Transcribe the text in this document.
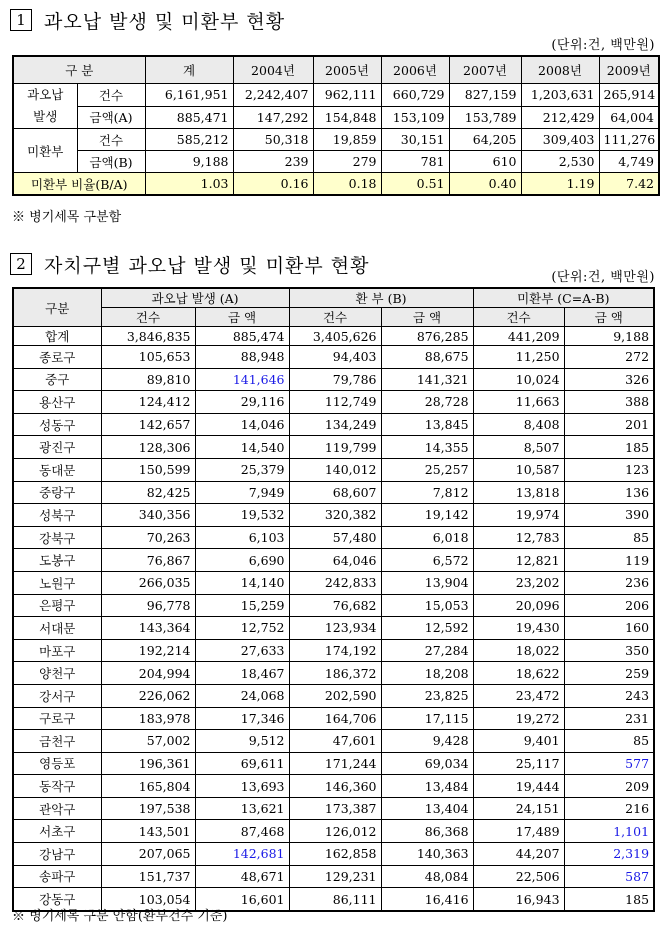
1 과오납 발생 및 미환부 현황
(단위:건, 백만원)
구 분		계	2004년	2005년	2006년	2007년	2008년	2009년

과오납
발생	건수	6,161,951	2,242,407	962,111	660,729	827,159	1,203,631	265,914
	금액(A)	885,471	147,292	154,848	153,109	153,789	212,429	64,004
미환부	건수	585,212	50,318	19,859	30,151	64,205	309,403	111,276
	금액(B)	9,188	239	279	781	610	2,530	4,749
미환부 비율(B/A)		1.03	0.16	0.18	0.51	0.40	1.19	7.42
※ 병기세목 구분함
2 자치구별 과오납 발생 및 미환부 현황
(단위:건, 백만원)
구분	과오납 발생 (A)		환 부 (B)		미환부 (C=A-B)	
	건수	금 액	건수	금 액	건수	금 액
합계	3,846,835	885,474	3,405,626	876,285	441,209	9,188
종로구	105,653	88,948	94,403	88,675	11,250	272
중구	89,810	141,646	79,786	141,321	10,024	326
용산구	124,412	29,116	112,749	28,728	11,663	388
성동구	142,657	14,046	134,249	13,845	8,408	201
광진구	128,306	14,540	119,799	14,355	8,507	185
동대문	150,599	25,379	140,012	25,257	10,587	123
중랑구	82,425	7,949	68,607	7,812	13,818	136
성북구	340,356	19,532	320,382	19,142	19,974	390
강북구	70,263	6,103	57,480	6,018	12,783	85
도봉구	76,867	6,690	64,046	6,572	12,821	119
노원구	266,035	14,140	242,833	13,904	23,202	236
은평구	96,778	15,259	76,682	15,053	20,096	206
서대문	143,364	12,752	123,934	12,592	19,430	160
마포구	192,214	27,633	174,192	27,284	18,022	350
양천구	204,994	18,467	186,372	18,208	18,622	259
강서구	226,062	24,068	202,590	23,825	23,472	243
구로구	183,978	17,346	164,706	17,115	19,272	231
금천구	57,002	9,512	47,601	9,428	9,401	85
영등포	196,361	69,611	171,244	69,034	25,117	577
동작구	165,804	13,693	146,360	13,484	19,444	209
관악구	197,538	13,621	173,387	13,404	24,151	216
서초구	143,501	87,468	126,012	86,368	17,489	1,101
강남구	207,065	142,681	162,858	140,363	44,207	2,319
송파구	151,737	48,671	129,231	48,084	22,506	587
강동구	103,054	16,601	86,111	16,416	16,943	185
※ 병기세목 구분 안함(환부건수 기준)
